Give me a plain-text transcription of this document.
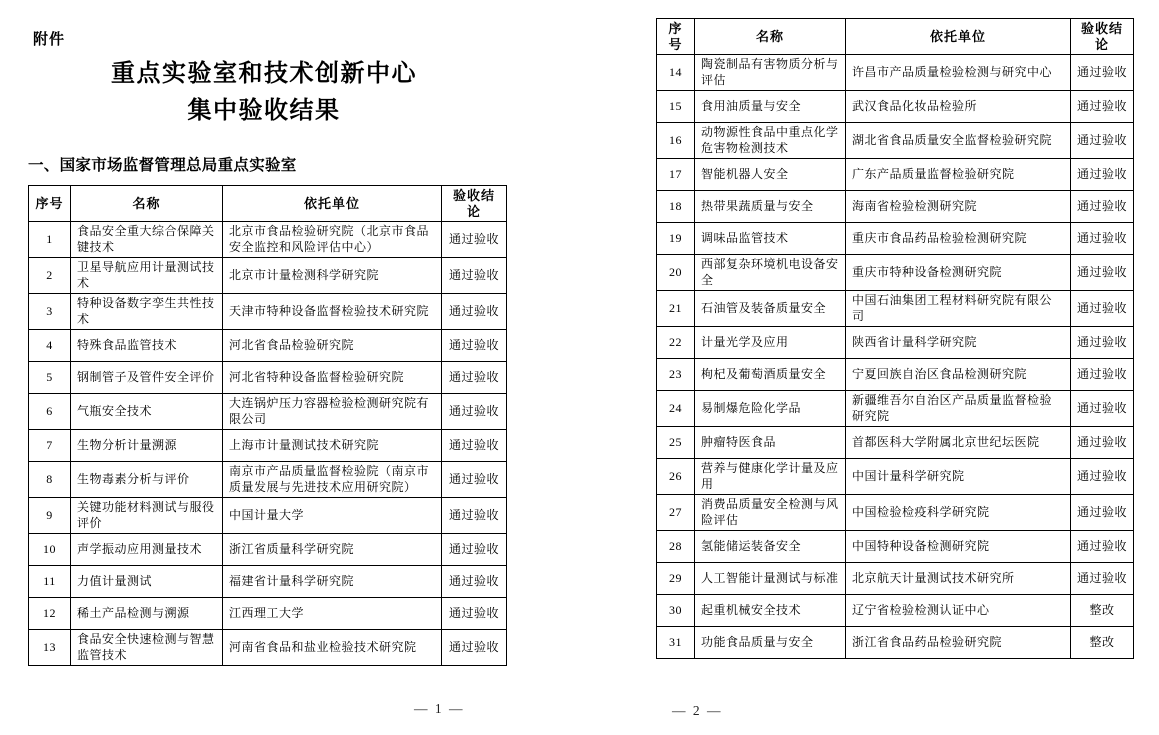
附件
重点实验室和技术创新中心
集中验收结果
一、国家市场监督管理总局重点实验室
序号	名称	依托单位	验收结论
1	食品安全重大综合保障关键技术	北京市食品检验研究院（北京市食品安全监控和风险评估中心）	通过验收
2	卫星导航应用计量测试技术	北京市计量检测科学研究院	通过验收
3	特种设备数字孪生共性技术	天津市特种设备监督检验技术研究院	通过验收
4	特殊食品监管技术	河北省食品检验研究院	通过验收
5	钢制管子及管件安全评价	河北省特种设备监督检验研究院	通过验收
6	气瓶安全技术	大连锅炉压力容器检验检测研究院有限公司	通过验收
7	生物分析计量溯源	上海市计量测试技术研究院	通过验收
8	生物毒素分析与评价	南京市产品质量监督检验院（南京市质量发展与先进技术应用研究院）	通过验收
9	关键功能材料测试与服役评价	中国计量大学	通过验收
10	声学振动应用测量技术	浙江省质量科学研究院	通过验收
11	力值计量测试	福建省计量科学研究院	通过验收
12	稀土产品检测与溯源	江西理工大学	通过验收
13	食品安全快速检测与智慧监管技术	河南省食品和盐业检验技术研究院	通过验收
— 1 —
序号	名称	依托单位	验收结论
14	陶瓷制品有害物质分析与评估	许昌市产品质量检验检测与研究中心	通过验收
15	食用油质量与安全	武汉食品化妆品检验所	通过验收
16	动物源性食品中重点化学危害物检测技术	湖北省食品质量安全监督检验研究院	通过验收
17	智能机器人安全	广东产品质量监督检验研究院	通过验收
18	热带果蔬质量与安全	海南省检验检测研究院	通过验收
19	调味品监管技术	重庆市食品药品检验检测研究院	通过验收
20	西部复杂环境机电设备安全	重庆市特种设备检测研究院	通过验收
21	石油管及装备质量安全	中国石油集团工程材料研究院有限公司	通过验收
22	计量光学及应用	陕西省计量科学研究院	通过验收
23	枸杞及葡萄酒质量安全	宁夏回族自治区食品检测研究院	通过验收
24	易制爆危险化学品	新疆维吾尔自治区产品质量监督检验研究院	通过验收
25	肿瘤特医食品	首都医科大学附属北京世纪坛医院	通过验收
26	营养与健康化学计量及应用	中国计量科学研究院	通过验收
27	消费品质量安全检测与风险评估	中国检验检疫科学研究院	通过验收
28	氢能储运装备安全	中国特种设备检测研究院	通过验收
29	人工智能计量测试与标准	北京航天计量测试技术研究所	通过验收
30	起重机械安全技术	辽宁省检验检测认证中心	整改
31	功能食品质量与安全	浙江省食品药品检验研究院	整改
— 2 —
